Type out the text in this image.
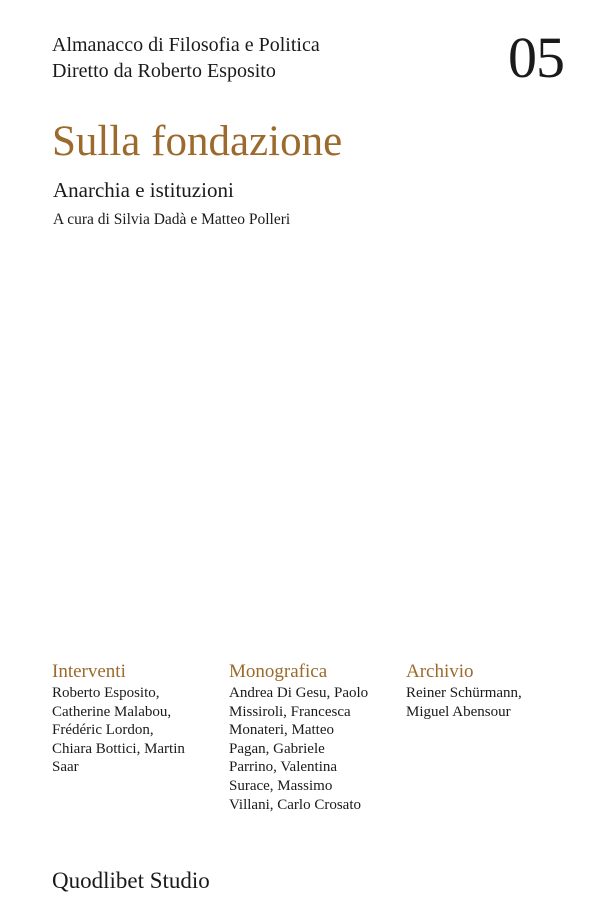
Almanacco di Filosofia e Politica
Diretto da Roberto Esposito	05
Sulla fondazione
Anarchia e istituzioni
A cura di Silvia Dadà e Matteo Polleri
Interventi
Roberto Esposito,
Catherine Malabou,
Frédéric Lordon,
Chiara Bottici, Martin
Saar
Monografica
Andrea Di Gesu, Paolo
Missiroli, Francesca
Monateri, Matteo
Pagan, Gabriele
Parrino, Valentina
Surace, Massimo
Villani, Carlo Crosato
Archivio
Reiner Schürmann,
Miguel Abensour
Quodlibet Studio
